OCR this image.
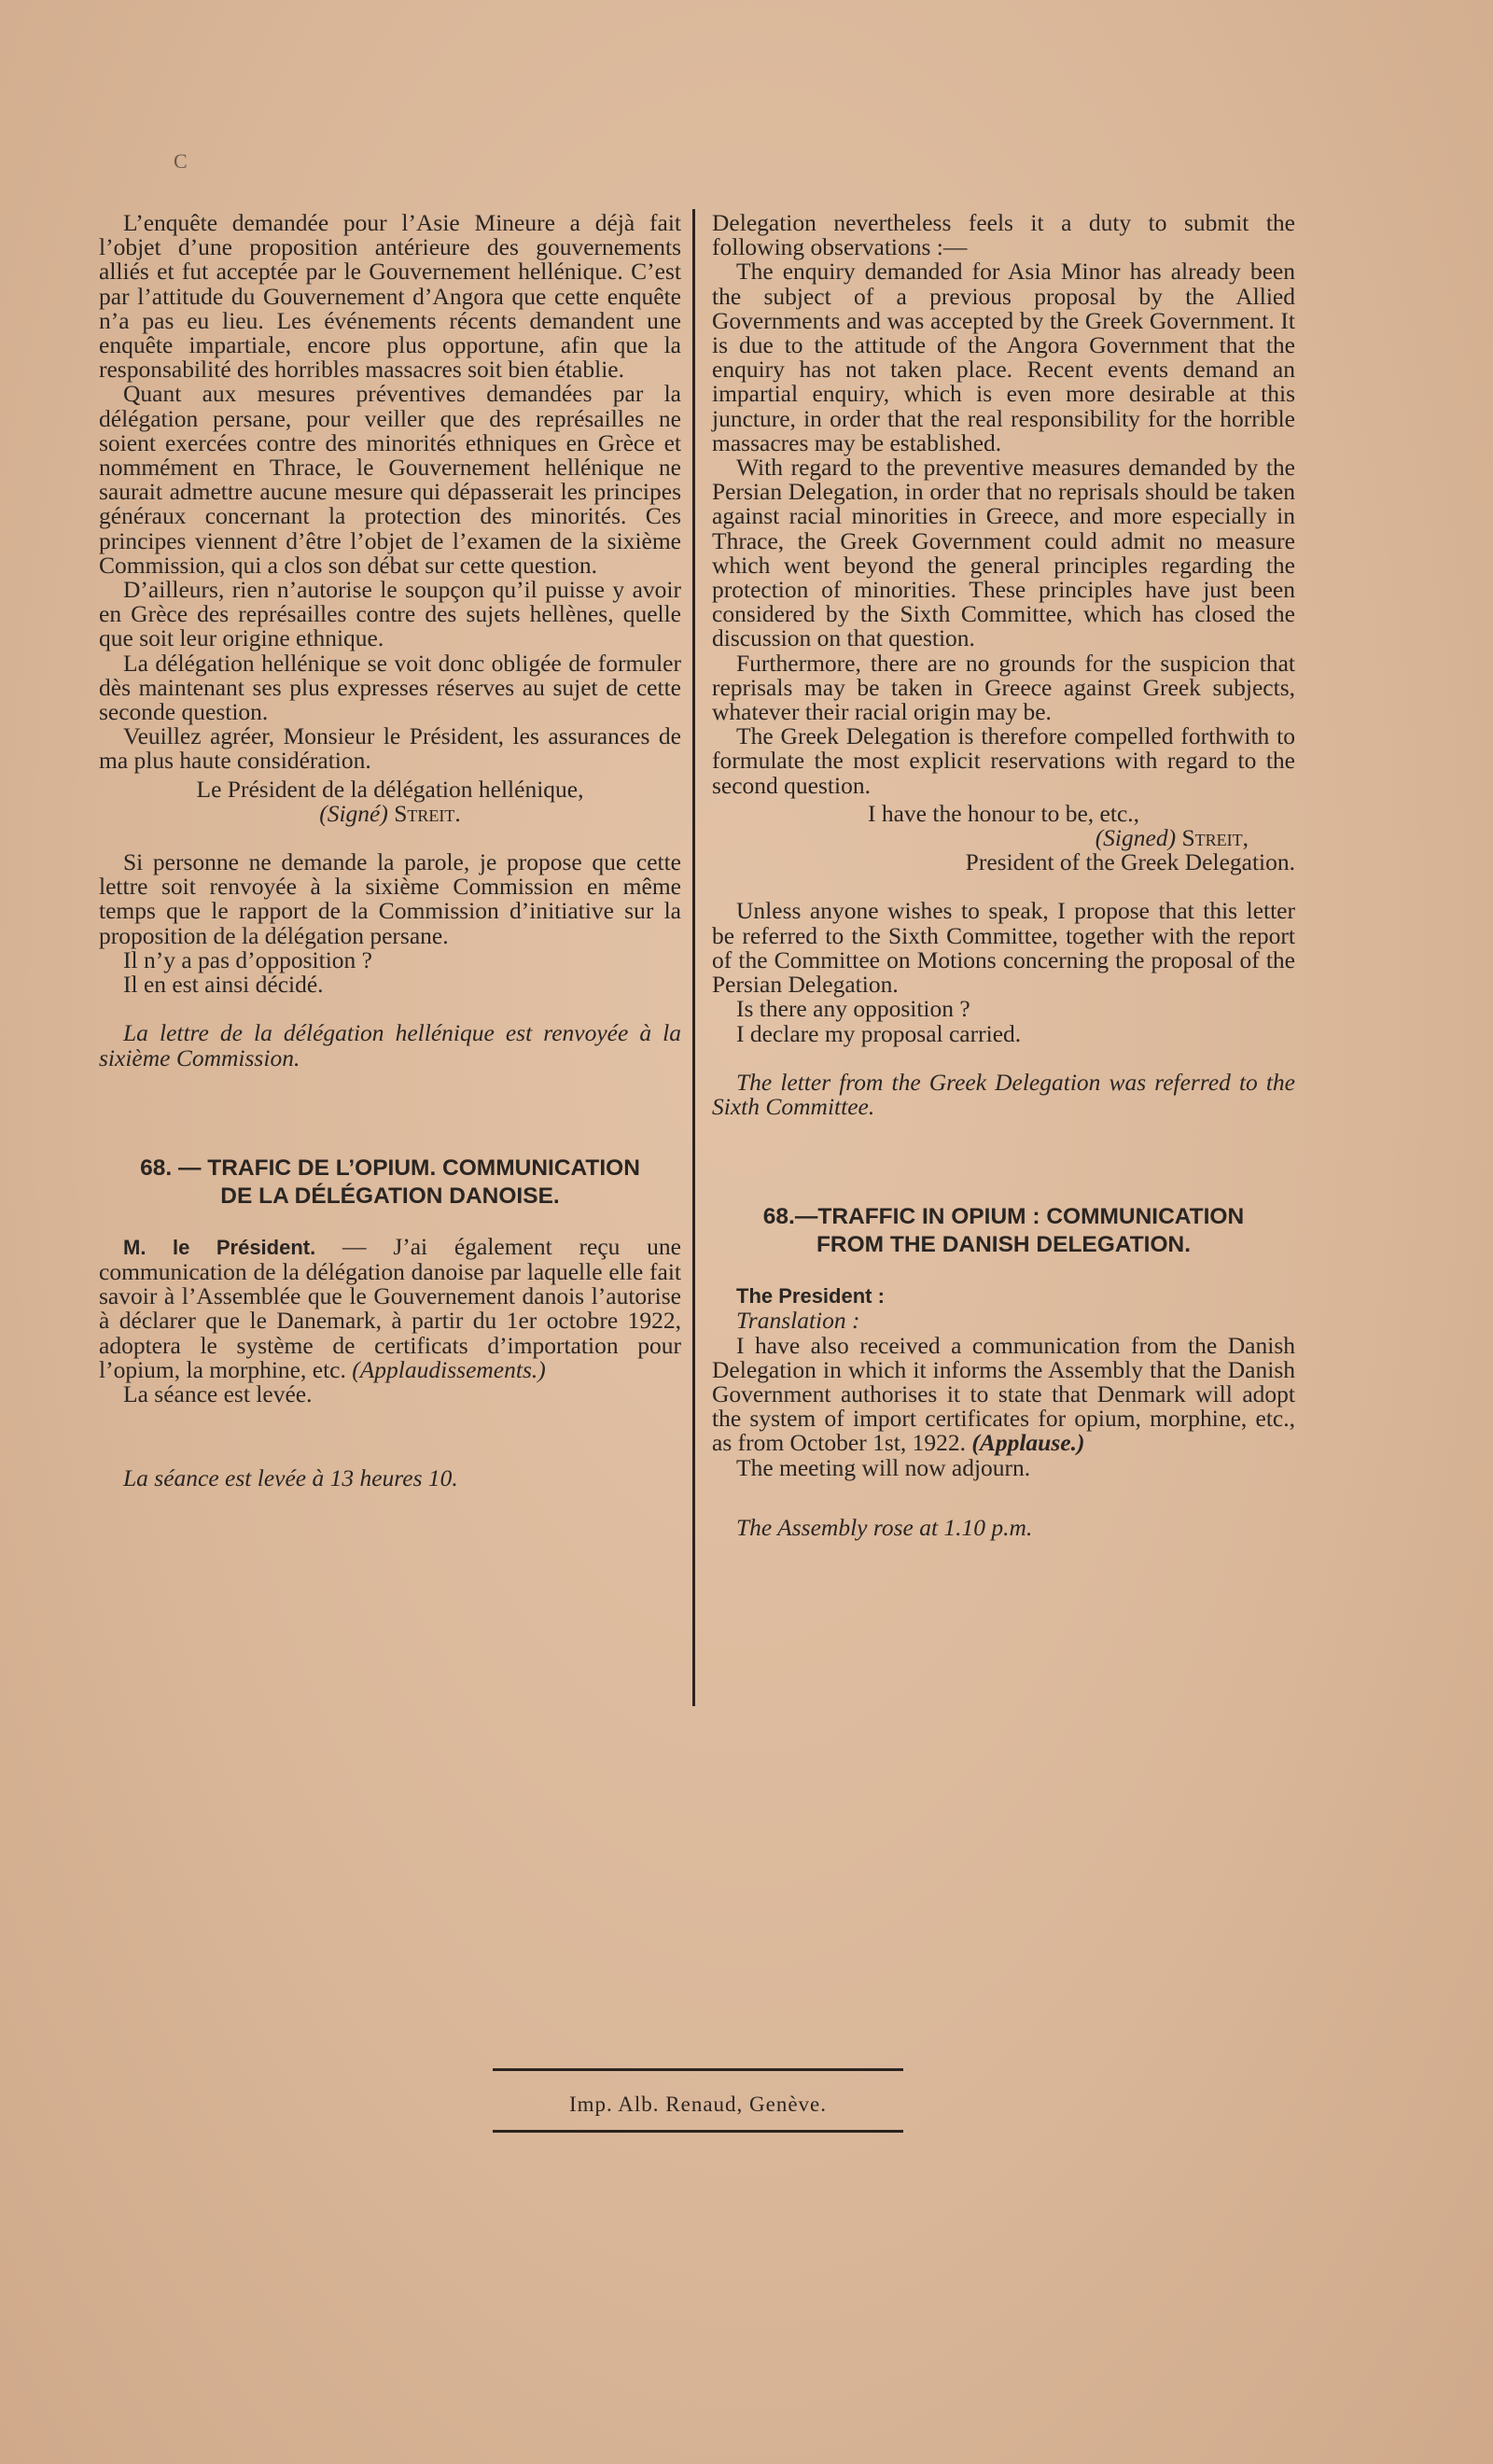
C

L’enquête demandée pour l’Asie Mineure a déjà fait l’objet d’une proposition antérieure des gouvernements alliés et fut acceptée par le Gouvernement hellénique. C’est par l’attitude du Gouvernement d’Angora que cette enquête n’a pas eu lieu. Les événements récents demandent une enquête impartiale, encore plus opportune, afin que la responsabilité des horribles massacres soit bien établie.

Quant aux mesures préventives demandées par la délégation persane, pour veiller que des représailles ne soient exercées contre des minorités ethniques en Grèce et nommément en Thrace, le Gouvernement hellénique ne saurait admettre aucune mesure qui dépasserait les principes généraux concernant la protection des minorités. Ces principes viennent d’être l’objet de l’examen de la sixième Commission, qui a clos son débat sur cette question.

D’ailleurs, rien n’autorise le soupçon qu’il puisse y avoir en Grèce des représailles contre des sujets hellènes, quelle que soit leur origine ethnique.

La délégation hellénique se voit donc obligée de formuler dès maintenant ses plus expresses réserves au sujet de cette seconde question.

Veuillez agréer, Monsieur le Président, les assurances de ma plus haute considération.

Le Président de la délégation hellénique,

(Signé) Streit.

Si personne ne demande la parole, je propose que cette lettre soit renvoyée à la sixième Commission en même temps que le rapport de la Commission d’initiative sur la proposition de la délégation persane.

Il n’y a pas d’opposition ?

Il en est ainsi décidé.

La lettre de la délégation hellénique est renvoyée à la sixième Commission.

68. — TRAFIC DE L’OPIUM. COMMUNICATION
DE LA DÉLÉGATION DANOISE.

M. le Président. — J’ai également reçu une communication de la délégation danoise par laquelle elle fait savoir à l’Assemblée que le Gouvernement danois l’autorise à déclarer que le Danemark, à partir du 1er octobre 1922, adoptera le système de certificats d’importation pour l’opium, la morphine, etc. (Applaudissements.)

La séance est levée.

La séance est levée à 13 heures 10.

Delegation nevertheless feels it a duty to submit the following observations :—

The enquiry demanded for Asia Minor has already been the subject of a previous proposal by the Allied Governments and was accepted by the Greek Government. It is due to the attitude of the Angora Government that the enquiry has not taken place. Recent events demand an impartial enquiry, which is even more desirable at this juncture, in order that the real responsibility for the horrible massacres may be established.

With regard to the preventive measures demanded by the Persian Delegation, in order that no reprisals should be taken against racial minorities in Greece, and more especially in Thrace, the Greek Government could admit no measure which went beyond the general principles regarding the protection of minorities. These principles have just been considered by the Sixth Committee, which has closed the discussion on that question.

Furthermore, there are no grounds for the suspicion that reprisals may be taken in Greece against Greek subjects, whatever their racial origin may be.

The Greek Delegation is therefore compelled forthwith to formulate the most explicit reservations with regard to the second question.

I have the honour to be, etc.,

(Signed) Streit,

President of the Greek Delegation.

Unless anyone wishes to speak, I propose that this letter be referred to the Sixth Committee, together with the report of the Committee on Motions concerning the proposal of the Persian Delegation.

Is there any opposition ?

I declare my proposal carried.

The letter from the Greek Delegation was referred to the Sixth Committee.

68.—TRAFFIC IN OPIUM : COMMUNICATION
FROM THE DANISH DELEGATION.

The President :

Translation :

I have also received a communication from the Danish Delegation in which it informs the Assembly that the Danish Government authorises it to state that Denmark will adopt the system of import certificates for opium, morphine, etc., as from October 1st, 1922. (Applause.)

The meeting will now adjourn.

The Assembly rose at 1.10 p.m.

Imp. Alb. Renaud, Genève.
